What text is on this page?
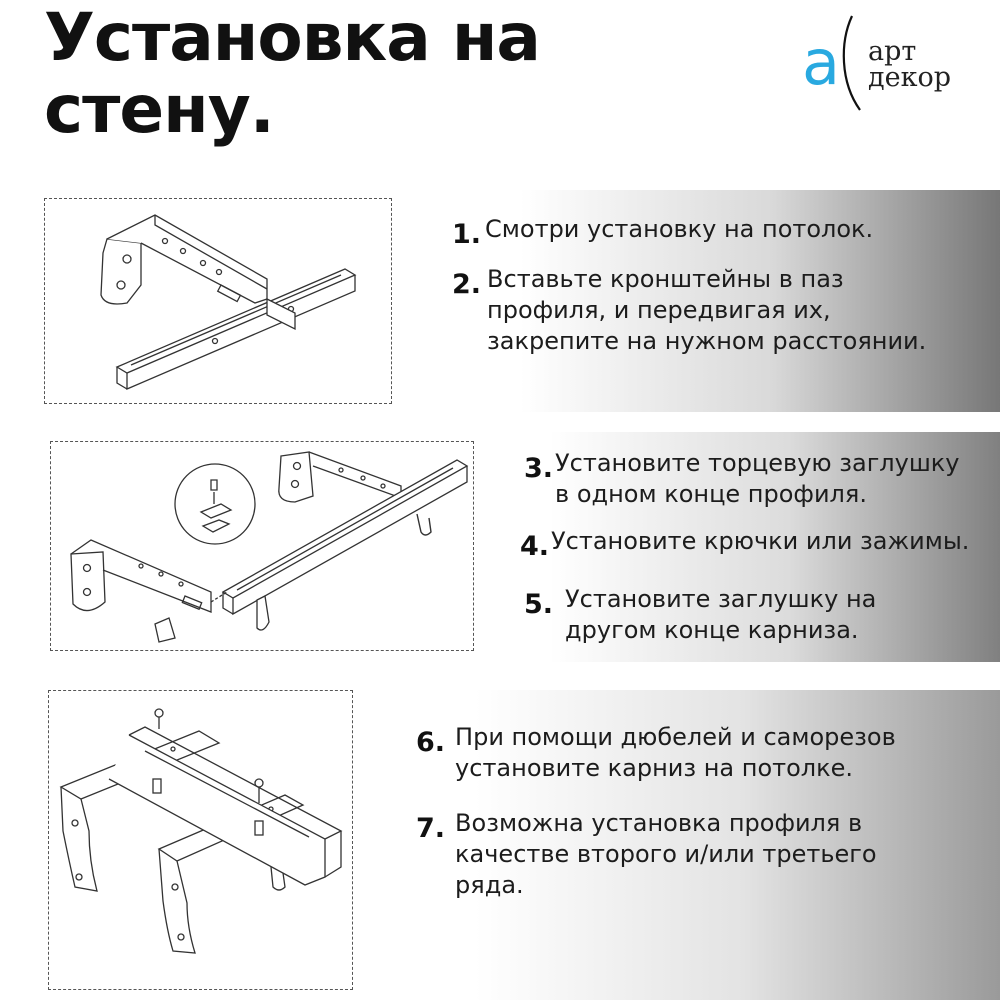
Установка на
стену.
a арт
декор
1. Смотри установку на потолок.
2. Вставьте кронштейны в паз
профиля, и передвигая их,
закрепите на нужном расстоянии.
3. Установите торцевую заглушку
в одном конце профиля.
4. Установите крючки или зажимы.
5. Установите заглушку на
другом конце карниза.
6. При помощи дюбелей и саморезов
установите карниз на потолке.
7. Возможна установка профиля в
качестве второго и/или третьего
ряда.
